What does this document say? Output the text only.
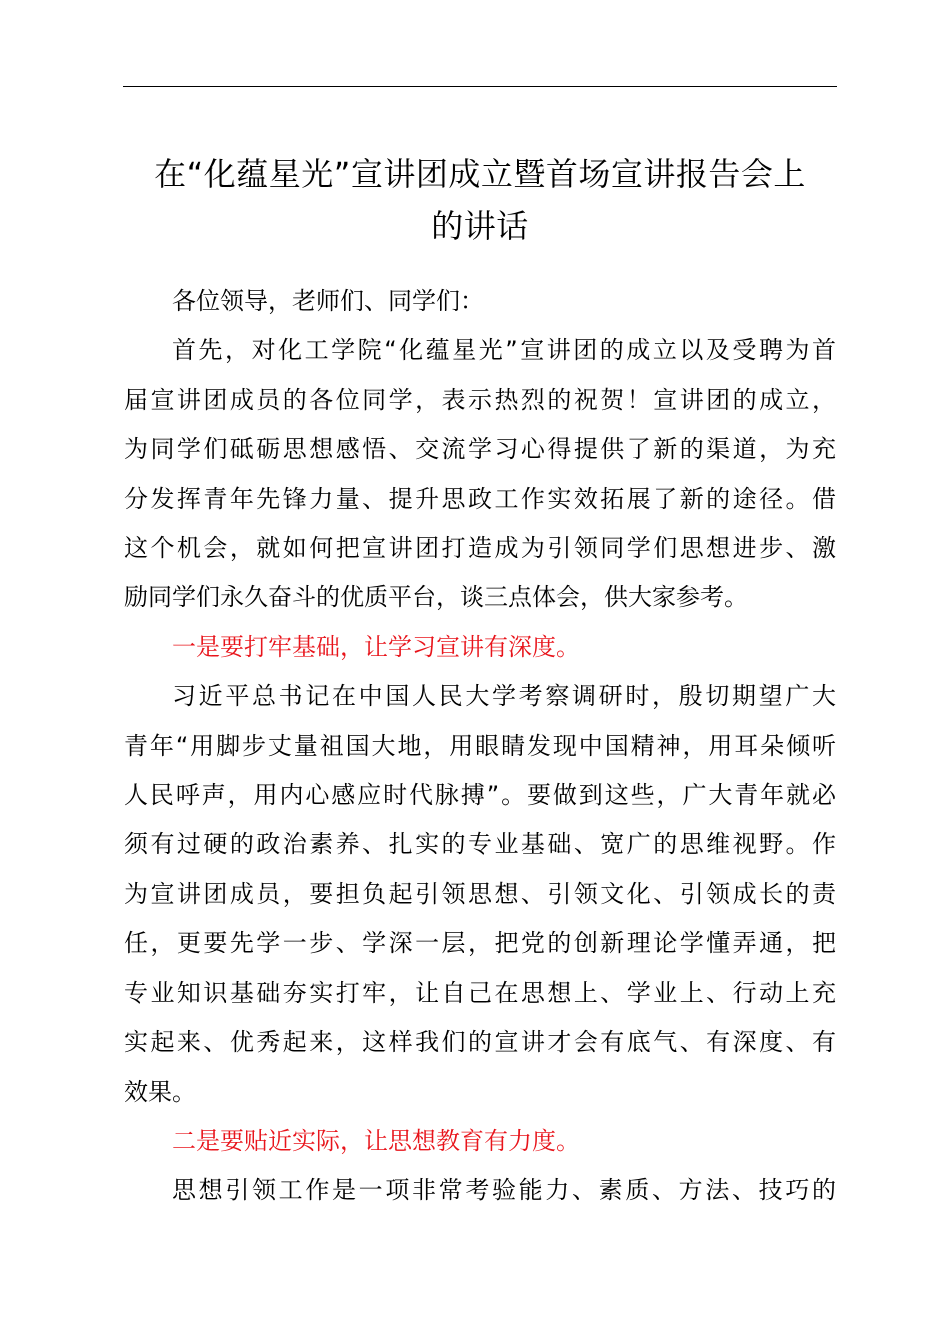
在“化蕴星光”宣讲团成立暨首场宣讲报告会上
的讲话
各位领导，老师们、同学们：
首先，对化工学院“化蕴星光”宣讲团的成立以及受聘为首
届宣讲团成员的各位同学，表示热烈的祝贺！宣讲团的成立，
为同学们砥砺思想感悟、交流学习心得提供了新的渠道，为充
分发挥青年先锋力量、提升思政工作实效拓展了新的途径。借
这个机会，就如何把宣讲团打造成为引领同学们思想进步、激
励同学们永久奋斗的优质平台，谈三点体会，供大家参考。
一是要打牢基础，让学习宣讲有深度。
习近平总书记在中国人民大学考察调研时，殷切期望广大
青年“用脚步丈量祖国大地，用眼睛发现中国精神，用耳朵倾听
人民呼声，用内心感应时代脉搏”。要做到这些，广大青年就必
须有过硬的政治素养、扎实的专业基础、宽广的思维视野。作
为宣讲团成员，要担负起引领思想、引领文化、引领成长的责
任，更要先学一步、学深一层，把党的创新理论学懂弄通，把
专业知识基础夯实打牢，让自己在思想上、学业上、行动上充
实起来、优秀起来，这样我们的宣讲才会有底气、有深度、有
效果。
二是要贴近实际，让思想教育有力度。
思想引领工作是一项非常考验能力、素质、方法、技巧的
